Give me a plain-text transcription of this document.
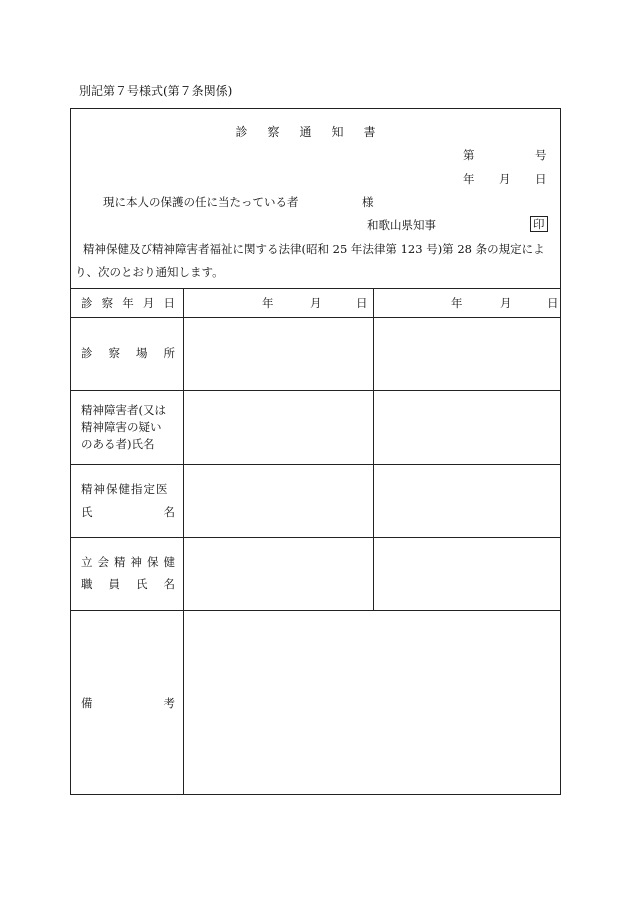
別記第７号様式(第７条関係)
診察通知書
第	号
年 月 日
現に本人の保護の任に当たっている者	様
和歌山県知事	印
精神保健及び精神障害者福祉に関する法律(昭和 25 年法律第 123 号)第 28 条の規定によ
り、次のとおり通知します。
診 察 年 月 日	年	月	日	年	月	日
診 察 場 所
精神障害者(又は
精神障害の疑い
のある者)氏名
精神保健指定医
氏	名
立 会 精 神 保 健
職 員 氏 名
備	考
